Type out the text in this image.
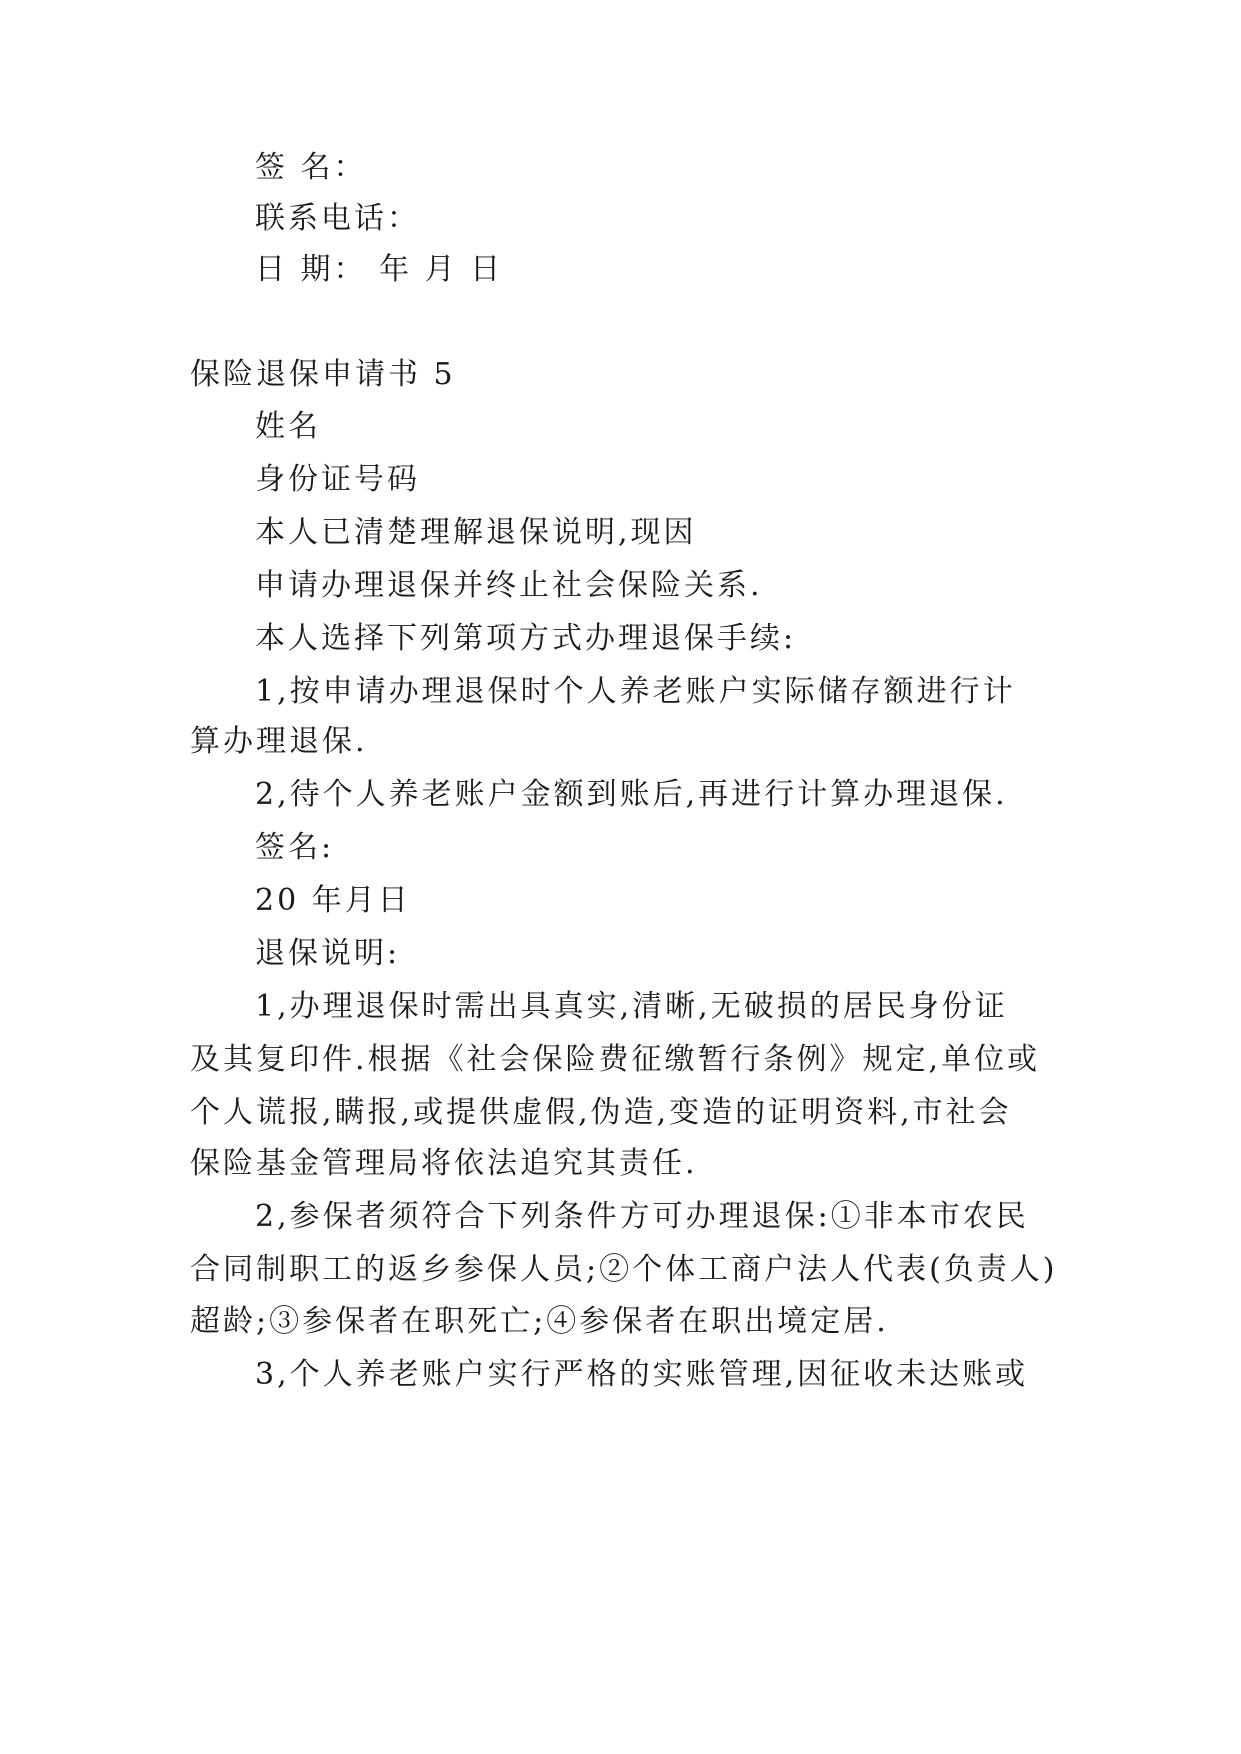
签 名：
联系电话：
日 期： 年 月 日
保险退保申请书 5
姓名
身份证号码
本人已清楚理解退保说明,现因
申请办理退保并终止社会保险关系.
本人选择下列第项方式办理退保手续:
1,按申请办理退保时个人养老账户实际储存额进行计
算办理退保.
2,待个人养老账户金额到账后,再进行计算办理退保.
签名:
20 年月日
退保说明:
1,办理退保时需出具真实,清晰,无破损的居民身份证
及其复印件.根据《社会保险费征缴暂行条例》规定,单位或
个人谎报,瞒报,或提供虚假,伪造,变造的证明资料,市社会
保险基金管理局将依法追究其责任.
2,参保者须符合下列条件方可办理退保:①非本市农民
合同制职工的返乡参保人员;②个体工商户法人代表(负责人)
超龄;③参保者在职死亡;④参保者在职出境定居.
3,个人养老账户实行严格的实账管理,因征收未达账或
